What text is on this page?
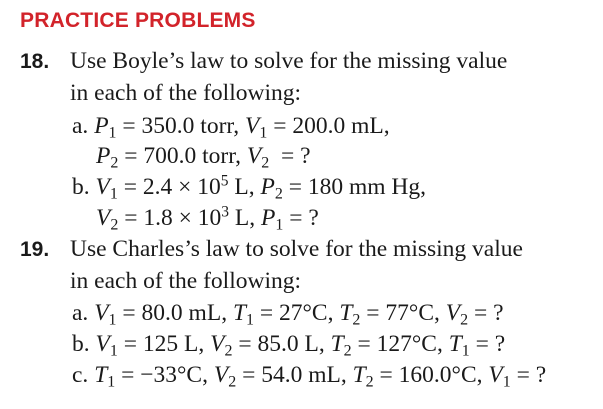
PRACTICE PROBLEMS
18. Use Boyle’s law to solve for the missing value
in each of the following:
a. $P_1 = 350.0$ torr, $V_1 = 200.0$ mL,
$P_2 = 700.0$ torr, $V_2$  = ?
b. $V_1 = 2.4 \times 10^5$ L, $P_2 = 180$ mm Hg,
$V_2 = 1.8 \times 10^3$ L, $P_1$ = ?
19. Use Charles’s law to solve for the missing value
in each of the following:
a. $V_1 = 80.0$ mL, $T_1 = 27^\circ C$, $T_2 = 77^\circ C$, $V_2$ = ?
b. $V_1 = 125$ L, $V_2 = 85.0$ L, $T_2 = 127^\circ C$, $T_1$ = ?
c. $T_1 = -33^\circ C$, $V_2 = 54.0$ mL, $T_2 = 160.0^\circ C$, $V_1$ = ?
